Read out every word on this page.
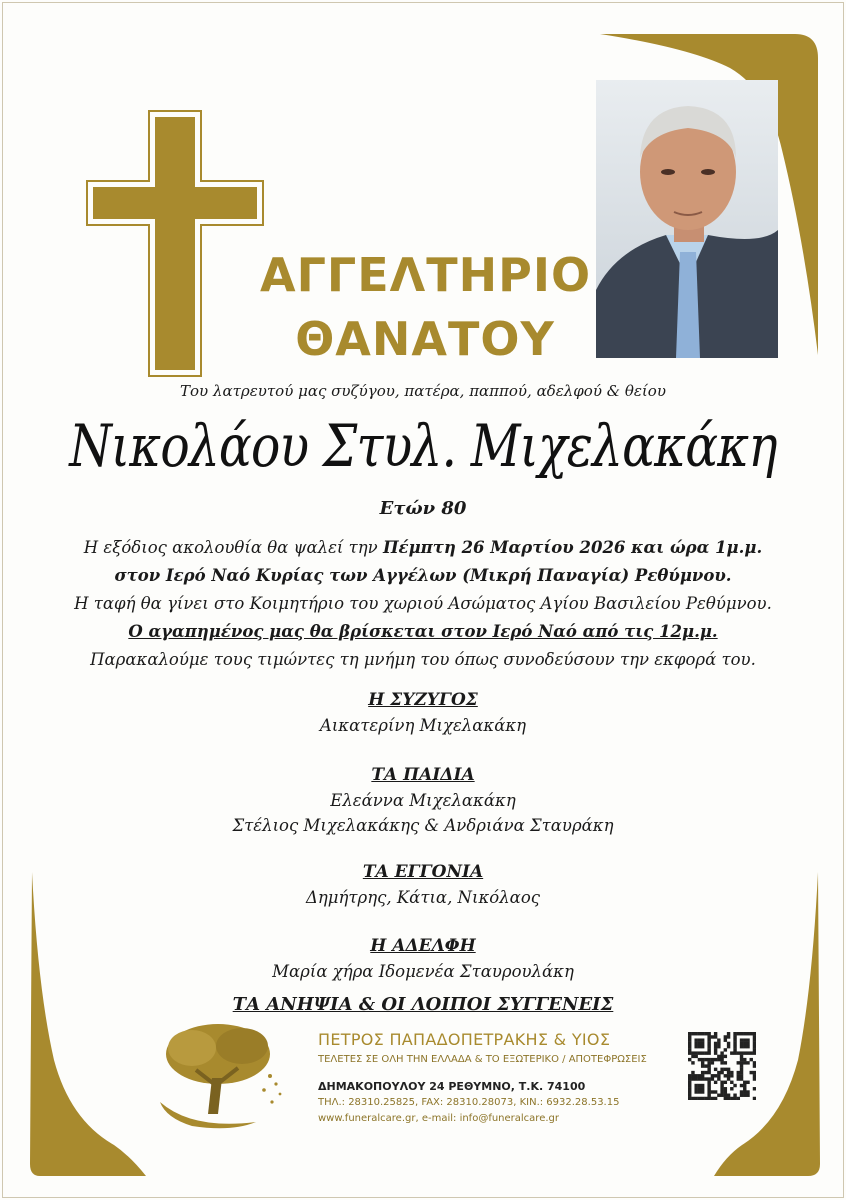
ΑΓΓΕΛΤΗΡΙΟ
ΘΑΝΑΤΟΥ
Του λατρευτού μας συζύγου, πατέρα, παππού, αδελφού & θείου
Νικολάου Στυλ. Μιχελακάκη
Ετών 80
Η εξόδιος ακολουθία θα ψαλεί την Πέμπτη 26 Μαρτίου 2026 και ώρα 1μ.μ.
στον Ιερό Ναό Κυρίας των Αγγέλων (Μικρή Παναγία) Ρεθύμνου.
Η ταφή θα γίνει στο Κοιμητήριο του χωριού Ασώματος Αγίου Βασιλείου Ρεθύμνου.
Ο αγαπημένος μας θα βρίσκεται στον Ιερό Ναό από τις 12μ.μ.
Παρακαλούμε τους τιμώντες τη μνήμη του όπως συνοδεύσουν την εκφορά του.
Η ΣΥΖΥΓΟΣ
Αικατερίνη Μιχελακάκη
ΤΑ ΠΑΙΔΙΑ
Ελεάννα Μιχελακάκη
Στέλιος Μιχελακάκης & Ανδριάνα Σταυράκη
ΤΑ ΕΓΓΟΝΙΑ
Δημήτρης, Κάτια, Νικόλαος
Η ΑΔΕΛΦΗ
Μαρία χήρα Ιδομενέα Σταυρουλάκη
ΤΑ ΑΝΗΨΙΑ & ΟΙ ΛΟΙΠΟΙ ΣΥΓΓΕΝΕΙΣ
ΠΕΤΡΟΣ ΠΑΠΑΔΟΠΕΤΡΑΚΗΣ & ΥΙΟΣ
ΤΕΛΕΤΕΣ ΣΕ ΟΛΗ ΤΗΝ ΕΛΛΑΔΑ & ΤΟ ΕΞΩΤΕΡΙΚΟ / ΑΠΟΤΕΦΡΩΣΕΙΣ
ΔΗΜΑΚΟΠΟΥΛΟΥ 24 ΡΕΘΥΜΝΟ, Τ.Κ. 74100
ΤΗΛ.: 28310.25825, FAX: 28310.28073, ΚΙΝ.: 6932.28.53.15
www.funeralcare.gr, e-mail: info@funeralcare.gr
